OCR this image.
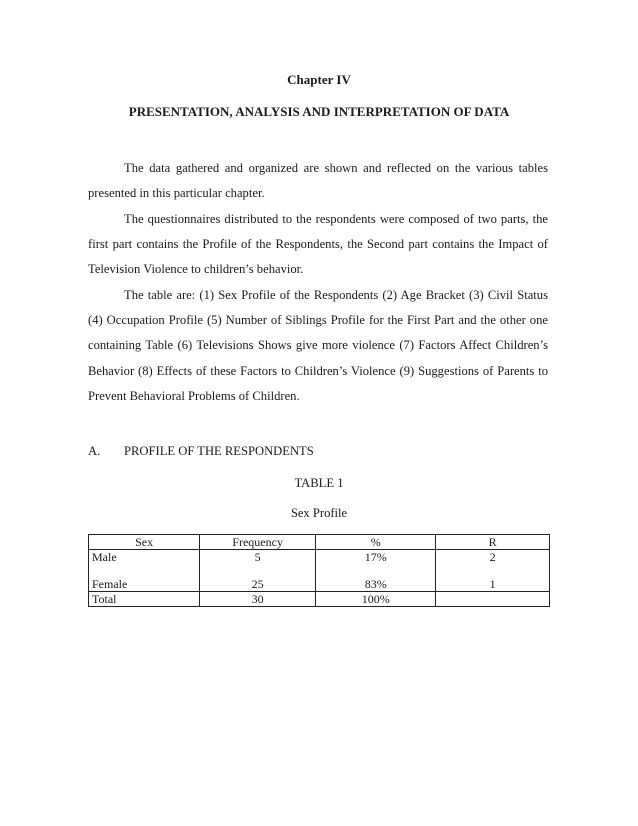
Chapter IV
PRESENTATION, ANALYSIS AND INTERPRETATION OF DATA

The data gathered and organized are shown and reflected on the various tables
presented in this particular chapter.

The questionnaires distributed to the respondents were composed of two parts, the
first part contains the Profile of the Respondents, the Second part contains the Impact of
Television Violence to children’s behavior.

The table are: (1) Sex Profile of the Respondents (2) Age Bracket (3) Civil Status
(4) Occupation Profile (5) Number of Siblings Profile for the First Part and the other one
containing Table (6) Televisions Shows give more violence (7) Factors Affect Children’s
Behavior (8) Effects of these Factors to Children’s Violence (9) Suggestions of Parents to
Prevent Behavioral Problems of Children.

A. PROFILE OF THE RESPONDENTS
TABLE 1
Sex Profile
Sex	Frequency	%	R
Male	5	17%	2

Female	25	83%	1
Total	30	100%	
